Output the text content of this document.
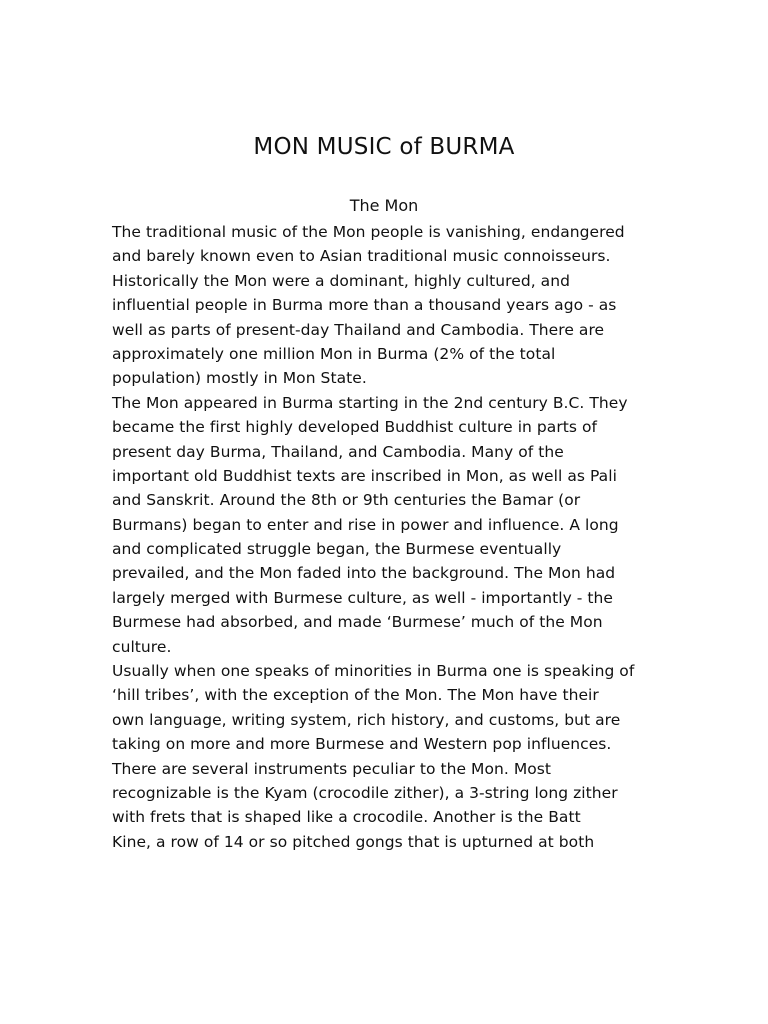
MON MUSIC of BURMA
The Mon
The traditional music of the Mon people is vanishing, endangered
and barely known even to Asian traditional music connoisseurs.
Historically the Mon were a dominant, highly cultured, and
influential people in Burma more than a thousand years ago - as
well as parts of present-day Thailand and Cambodia. There are
approximately one million Mon in Burma (2% of the total
population) mostly in Mon State.
The Mon appeared in Burma starting in the 2nd century B.C. They
became the first highly developed Buddhist culture in parts of
present day Burma, Thailand, and Cambodia. Many of the
important old Buddhist texts are inscribed in Mon, as well as Pali
and Sanskrit. Around the 8th or 9th centuries the Bamar (or
Burmans) began to enter and rise in power and influence. A long
and complicated struggle began, the Burmese eventually
prevailed, and the Mon faded into the background. The Mon had
largely merged with Burmese culture, as well - importantly - the
Burmese had absorbed, and made ‘Burmese’ much of the Mon
culture.
Usually when one speaks of minorities in Burma one is speaking of
‘hill tribes’, with the exception of the Mon. The Mon have their
own language, writing system, rich history, and customs, but are
taking on more and more Burmese and Western pop influences.
There are several instruments peculiar to the Mon. Most
recognizable is the Kyam (crocodile zither), a 3-string long zither
with frets that is shaped like a crocodile. Another is the Batt
Kine, a row of 14 or so pitched gongs that is upturned at both
